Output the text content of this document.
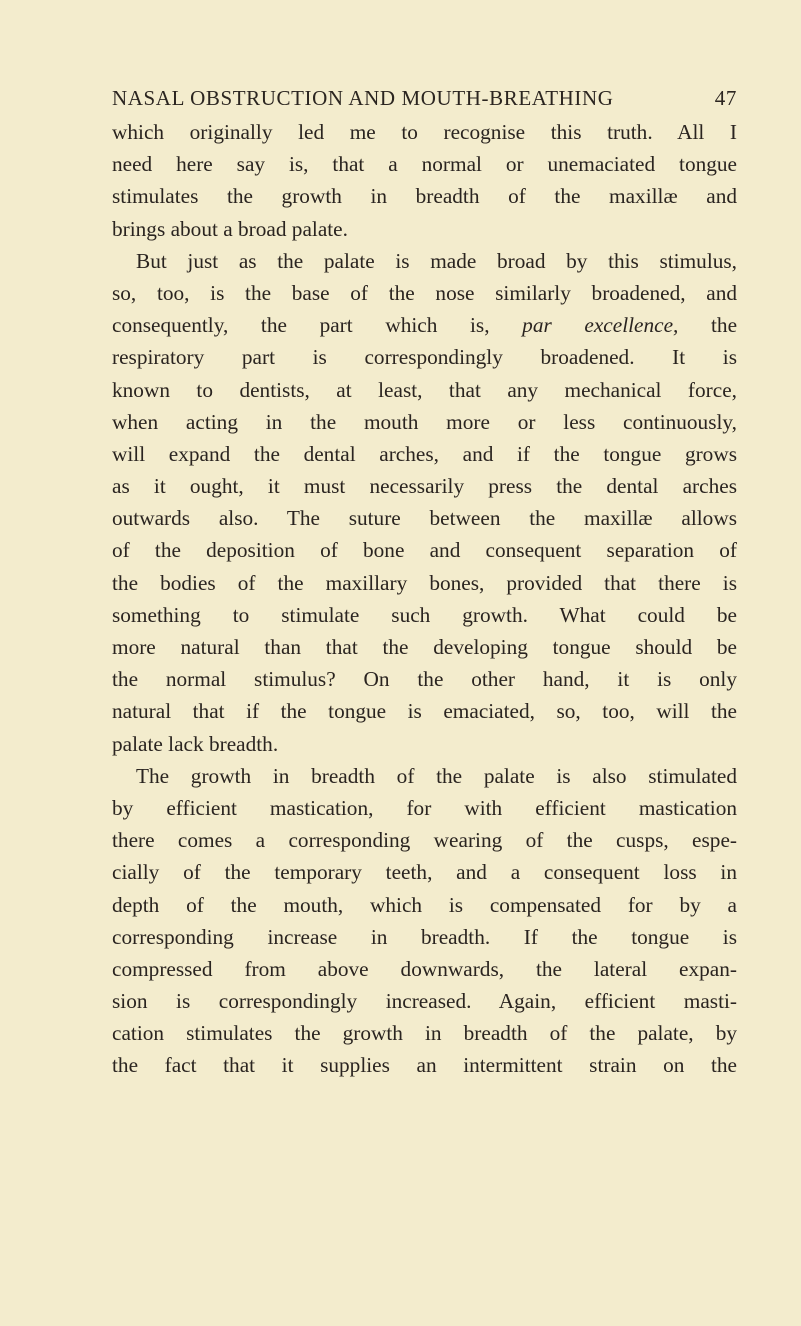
NASAL OBSTRUCTION AND MOUTH-BREATHING	47
which originally led me to recognise this truth. All I
need here say is, that a normal or unemaciated tongue
stimulates the growth in breadth of the maxillæ and
brings about a broad palate.
But just as the palate is made broad by this stimulus,
so, too, is the base of the nose similarly broadened, and
consequently, the part which is, par excellence, the
respiratory part is correspondingly broadened. It is
known to dentists, at least, that any mechanical force,
when acting in the mouth more or less continuously,
will expand the dental arches, and if the tongue grows
as it ought, it must necessarily press the dental arches
outwards also. The suture between the maxillæ allows
of the deposition of bone and consequent separation of
the bodies of the maxillary bones, provided that there is
something to stimulate such growth. What could be
more natural than that the developing tongue should be
the normal stimulus? On the other hand, it is only
natural that if the tongue is emaciated, so, too, will the
palate lack breadth.
The growth in breadth of the palate is also stimulated
by efficient mastication, for with efficient mastication
there comes a corresponding wearing of the cusps, espe-
cially of the temporary teeth, and a consequent loss in
depth of the mouth, which is compensated for by a
corresponding increase in breadth. If the tongue is
compressed from above downwards, the lateral expan-
sion is correspondingly increased. Again, efficient masti-
cation stimulates the growth in breadth of the palate, by
the fact that it supplies an intermittent strain on the
